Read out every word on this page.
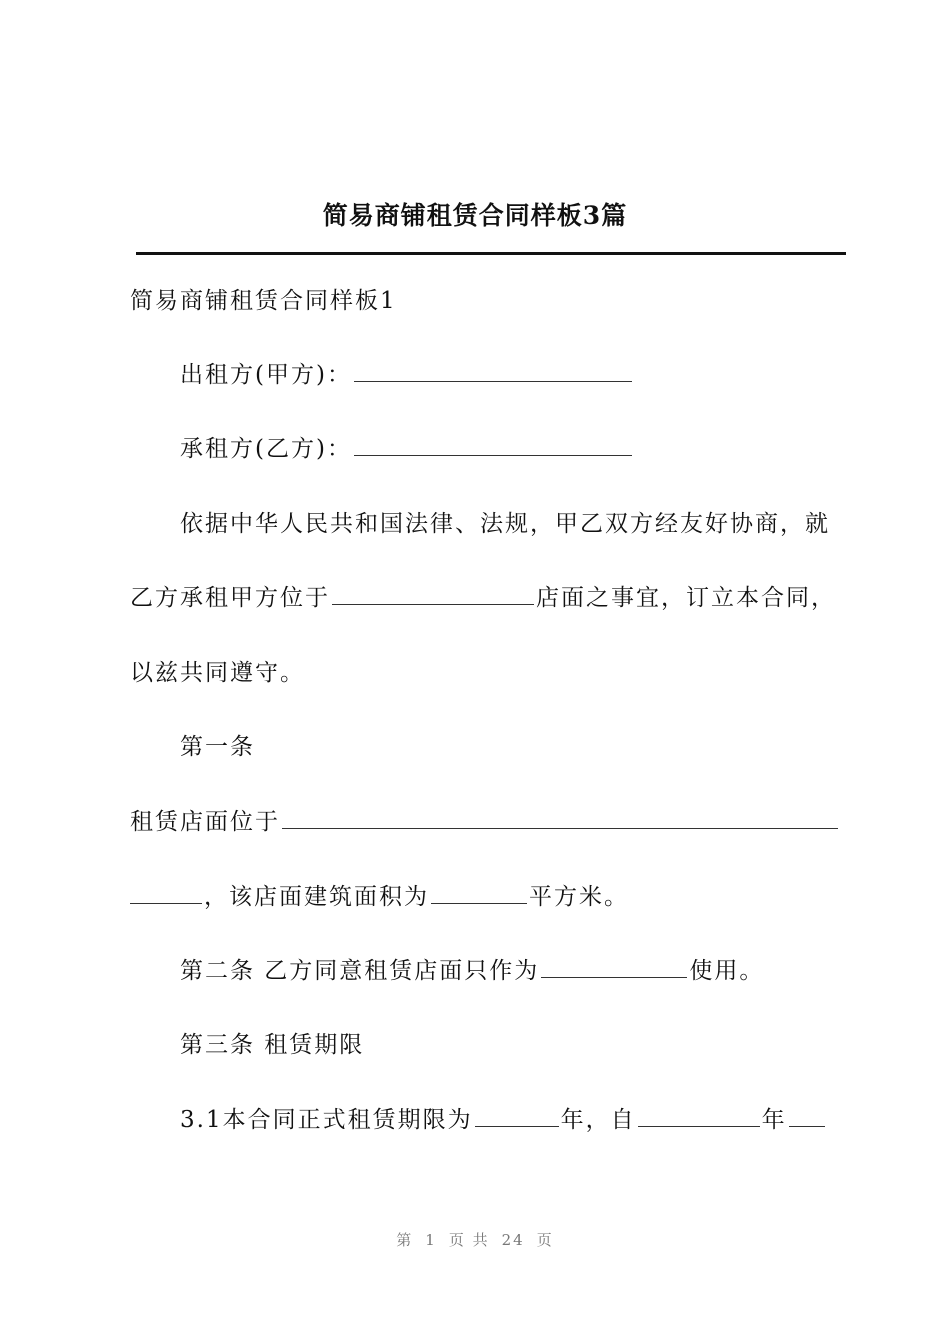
简易商铺租赁合同样板3篇
简易商铺租赁合同样板1
出租方(甲方)：
承租方(乙方)：
依据中华人民共和国法律、法规，甲乙双方经友好协商，就
乙方承租甲方位于	店面之事宜，订立本合同，
以兹共同遵守。
第一条
租赁店面位于
，该店面建筑面积为	平方米。
第二条 乙方同意租赁店面只作为	使用。
第三条 租赁期限
3.1本合同正式租赁期限为	年，自	年
第 1 页 共 24 页
